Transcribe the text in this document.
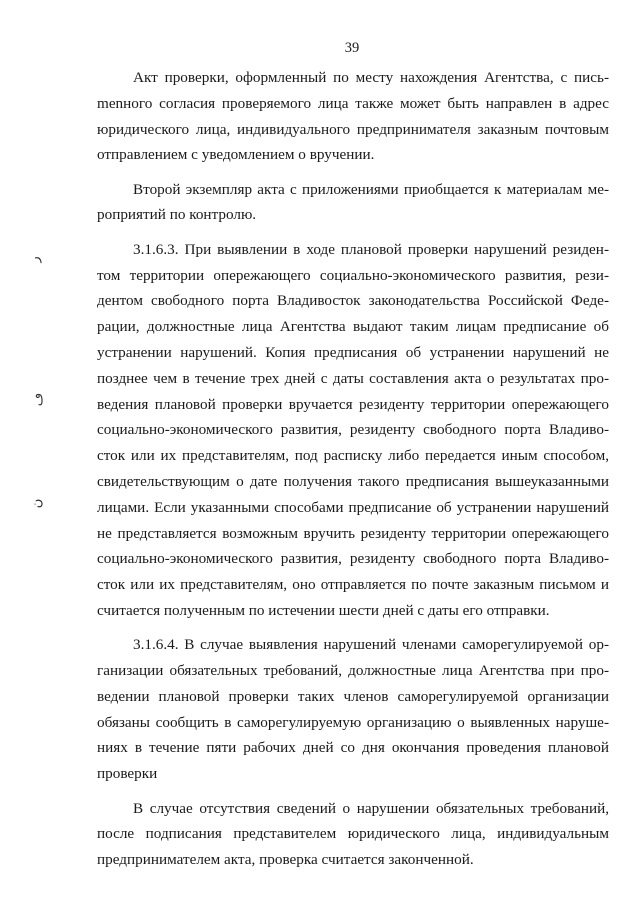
39
ر
ڡ
ن

Акт проверки, оформленный по месту нахождения Агентства, с письmenного согласия проверяемого лица также может быть направлен в адрес юридического лица, индивидуального предпринимателя заказным почтовым отправлением с уведомлением о вручении.

Второй экземпляр акта с приложениями приобщается к материалам мероприятий по контролю.

3.1.6.3. При выявлении в ходе плановой проверки нарушений резидентом территории опережающего социально-экономического развития, резидентом свободного порта Владивосток законодательства Российской Федерации, должностные лица Агентства выдают таким лицам предписание об устранении нарушений. Копия предписания об устранении нарушений не позднее чем в течение трех дней с даты составления акта о результатах проведения плановой проверки вручается резиденту территории опережающего социально-экономического развития, резиденту свободного порта Владивосток или их представителям, под расписку либо передается иным способом, свидетельствующим о дате получения такого предписания вышеуказанными лицами. Если указанными способами предписание об устранении нарушений не представляется возможным вручить резиденту территории опережающего социально-экономического развития, резиденту свободного порта Владивосток или их представителям, оно отправляется по почте заказным письмом и считается полученным по истечении шести дней с даты его отправки.

3.1.6.4. В случае выявления нарушений членами саморегулируемой организации обязательных требований, должностные лица Агентства при проведении плановой проверки таких членов саморегулируемой организации обязаны сообщить в саморегулируемую организацию о выявленных нарушениях в течение пяти рабочих дней со дня окончания проведения плановой проверки

В случае отсутствия сведений о нарушении обязательных требований, после подписания представителем юридического лица, индивидуальным предпринимателем акта, проверка считается законченной.
